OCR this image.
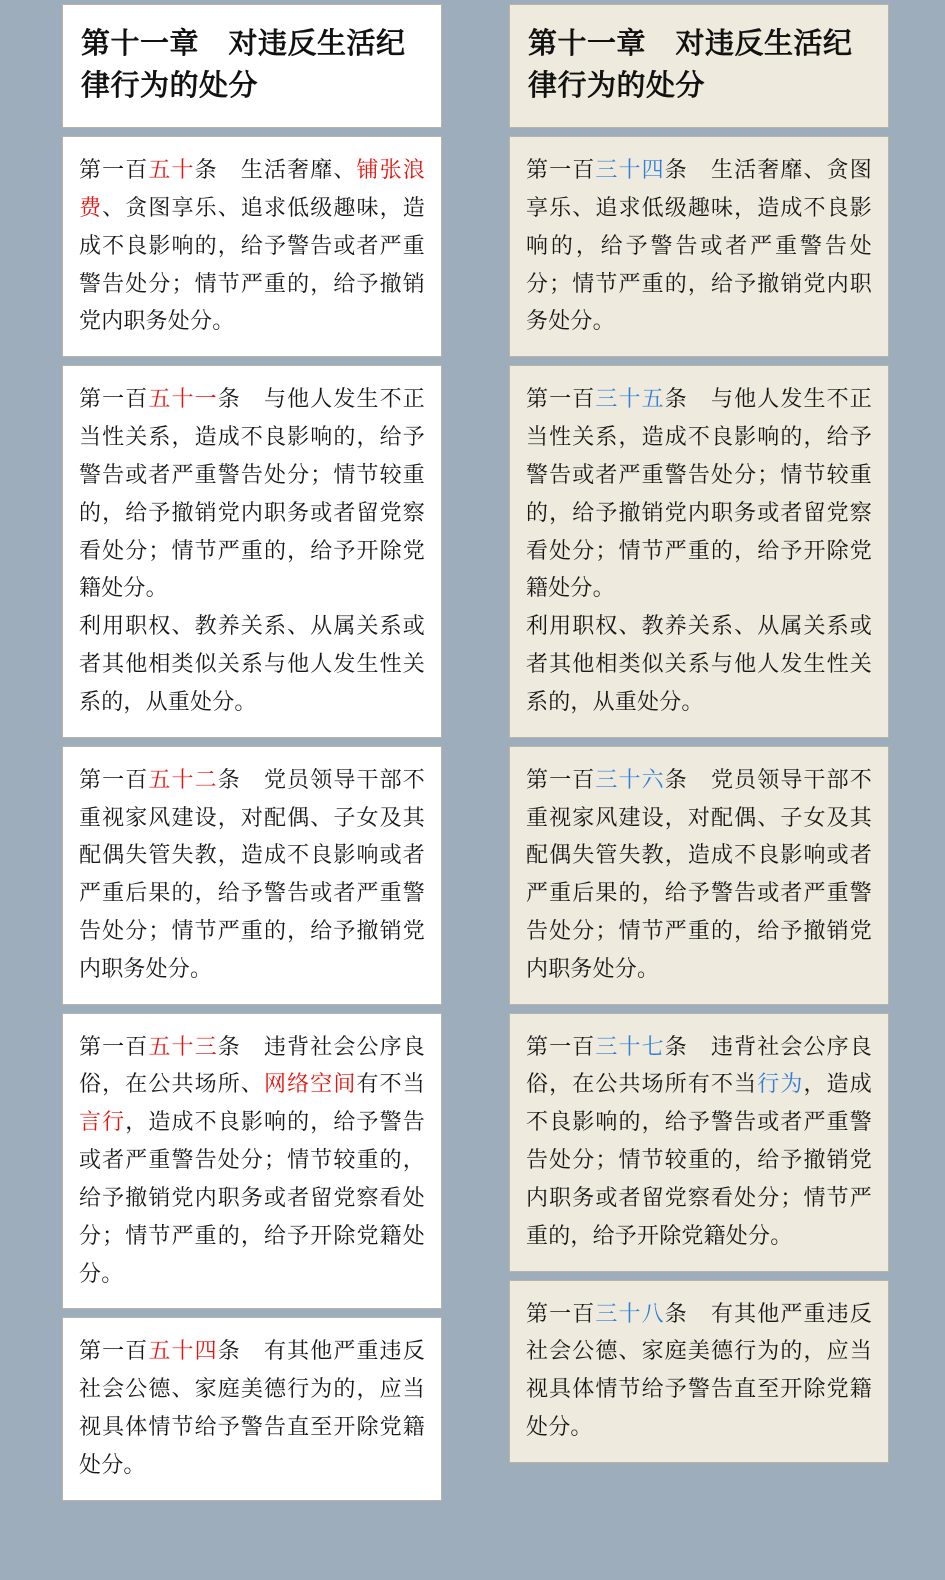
第十一章　对违反生活纪律行为的处分
第一百五十条　生活奢靡、铺张浪费、贪图享乐、追求低级趣味，造成不良影响的，给予警告或者严重警告处分；情节严重的，给予撤销党内职务处分。
第一百五十一条　与他人发生不正当性关系，造成不良影响的，给予警告或者严重警告处分；情节较重的，给予撤销党内职务或者留党察看处分；情节严重的，给予开除党籍处分。
利用职权、教养关系、从属关系或者其他相类似关系与他人发生性关系的，从重处分。
第一百五十二条　党员领导干部不重视家风建设，对配偶、子女及其配偶失管失教，造成不良影响或者严重后果的，给予警告或者严重警告处分；情节严重的，给予撤销党内职务处分。
第一百五十三条　违背社会公序良俗，在公共场所、网络空间有不当言行，造成不良影响的，给予警告或者严重警告处分；情节较重的，给予撤销党内职务或者留党察看处分；情节严重的，给予开除党籍处分。
第一百五十四条　有其他严重违反社会公德、家庭美德行为的，应当视具体情节给予警告直至开除党籍处分。
第十一章　对违反生活纪律行为的处分
第一百三十四条　生活奢靡、贪图享乐、追求低级趣味，造成不良影响的，给予警告或者严重警告处分；情节严重的，给予撤销党内职务处分。
第一百三十五条　与他人发生不正当性关系，造成不良影响的，给予警告或者严重警告处分；情节较重的，给予撤销党内职务或者留党察看处分；情节严重的，给予开除党籍处分。
利用职权、教养关系、从属关系或者其他相类似关系与他人发生性关系的，从重处分。
第一百三十六条　党员领导干部不重视家风建设，对配偶、子女及其配偶失管失教，造成不良影响或者严重后果的，给予警告或者严重警告处分；情节严重的，给予撤销党内职务处分。
第一百三十七条　违背社会公序良俗，在公共场所有不当行为，造成不良影响的，给予警告或者严重警告处分；情节较重的，给予撤销党内职务或者留党察看处分；情节严重的，给予开除党籍处分。
第一百三十八条　有其他严重违反社会公德、家庭美德行为的，应当视具体情节给予警告直至开除党籍处分。
